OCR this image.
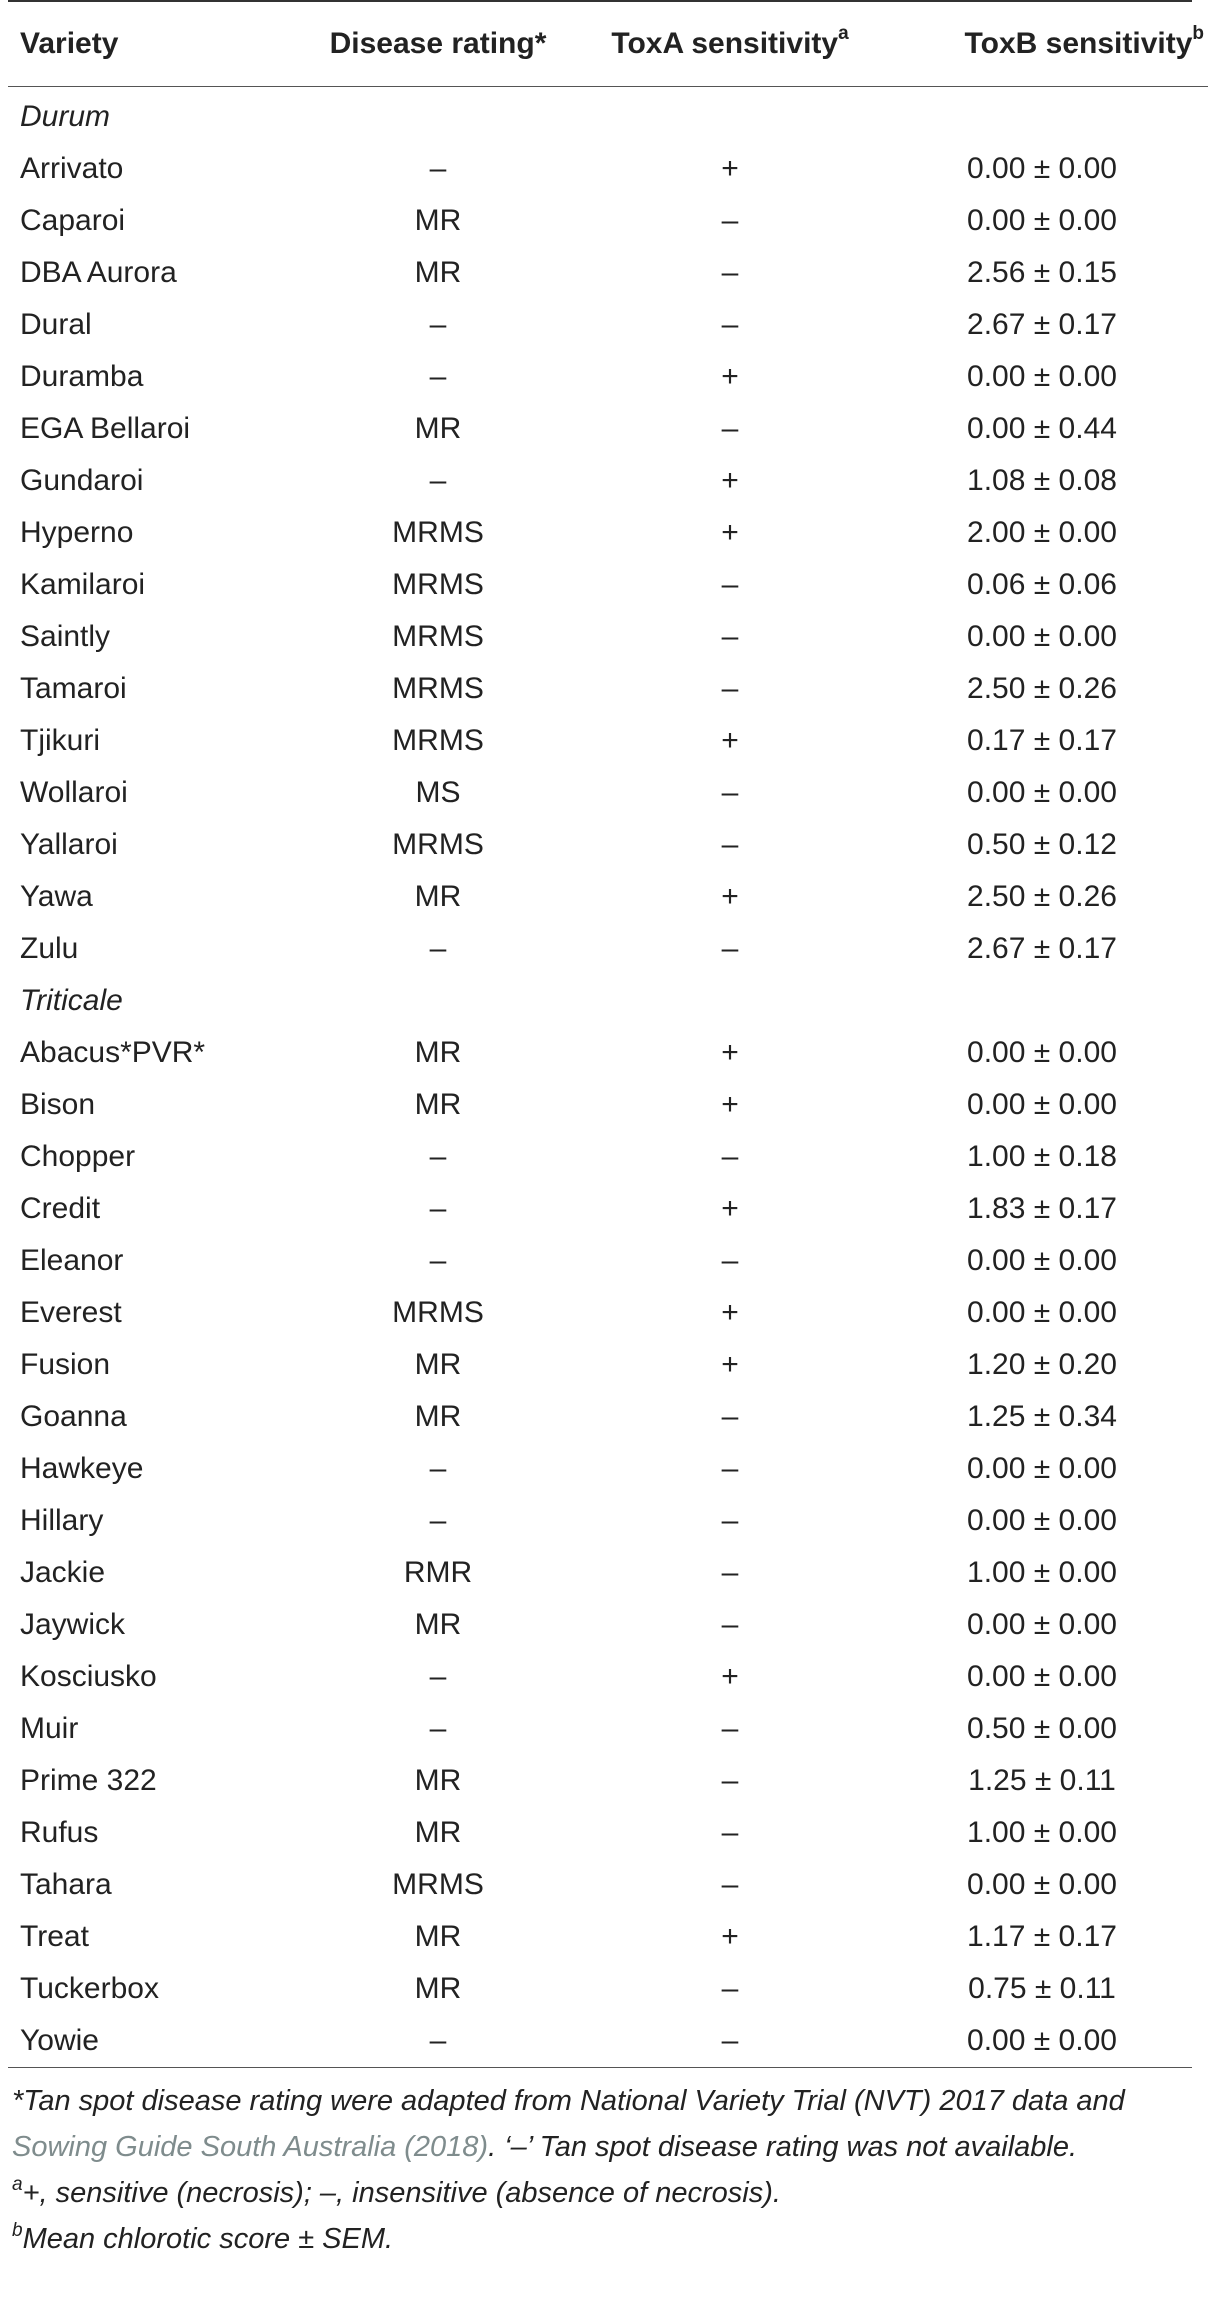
Variety	Disease rating*	ToxA sensitivity$^a$	ToxB sensitivity$^b$

Durum			
Arrivato	–	+	0.00 ± 0.00
Caparoi	MR	–	0.00 ± 0.00
DBA Aurora	MR	–	2.56 ± 0.15
Dural	–	–	2.67 ± 0.17
Duramba	–	+	0.00 ± 0.00
EGA Bellaroi	MR	–	0.00 ± 0.44
Gundaroi	–	+	1.08 ± 0.08
Hyperno	MRMS	+	2.00 ± 0.00
Kamilaroi	MRMS	–	0.06 ± 0.06
Saintly	MRMS	–	0.00 ± 0.00
Tamaroi	MRMS	–	2.50 ± 0.26
Tjikuri	MRMS	+	0.17 ± 0.17
Wollaroi	MS	–	0.00 ± 0.00
Yallaroi	MRMS	–	0.50 ± 0.12
Yawa	MR	+	2.50 ± 0.26
Zulu	–	–	2.67 ± 0.17
Triticale			
Abacus*PVR*	MR	+	0.00 ± 0.00
Bison	MR	+	0.00 ± 0.00
Chopper	–	–	1.00 ± 0.18
Credit	–	+	1.83 ± 0.17
Eleanor	–	–	0.00 ± 0.00
Everest	MRMS	+	0.00 ± 0.00
Fusion	MR	+	1.20 ± 0.20
Goanna	MR	–	1.25 ± 0.34
Hawkeye	–	–	0.00 ± 0.00
Hillary	–	–	0.00 ± 0.00
Jackie	RMR	–	1.00 ± 0.00
Jaywick	MR	–	0.00 ± 0.00
Kosciusko	–	+	0.00 ± 0.00
Muir	–	–	0.50 ± 0.00
Prime 322	MR	–	1.25 ± 0.11
Rufus	MR	–	1.00 ± 0.00
Tahara	MRMS	–	0.00 ± 0.00
Treat	MR	+	1.17 ± 0.17
Tuckerbox	MR	–	0.75 ± 0.11
Yowie	–	–	0.00 ± 0.00

*Tan spot disease rating were adapted from National Variety Trial (NVT) 2017 data and Sowing Guide South Australia (2018). ‘–’ Tan spot disease rating was not available.

$^a$+, sensitive (necrosis); –, insensitive (absence of necrosis).

$^b$Mean chlorotic score ± SEM.
